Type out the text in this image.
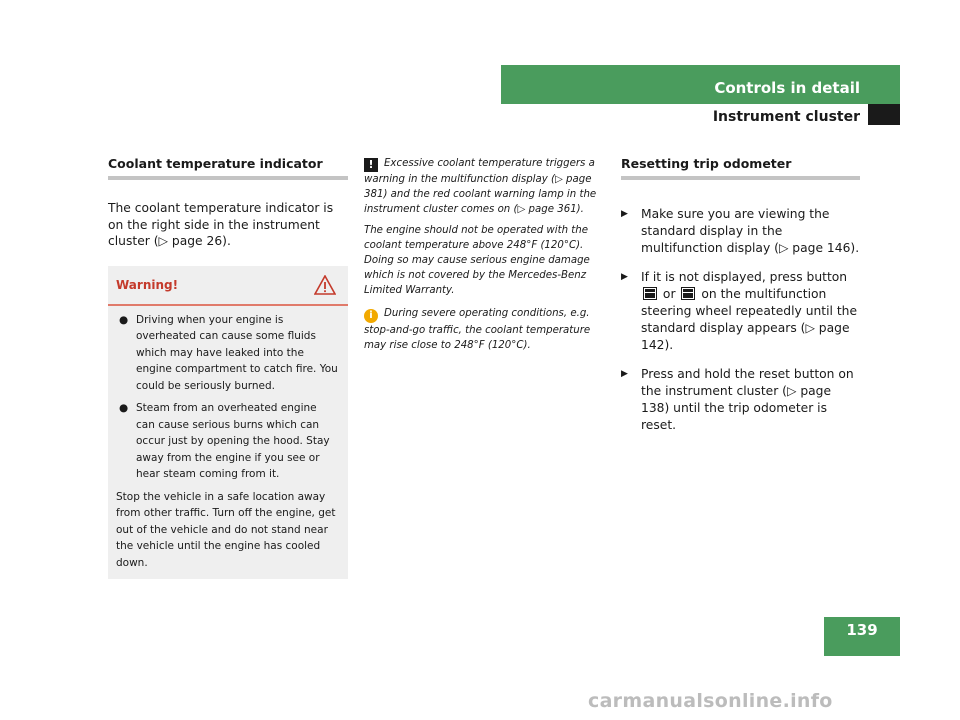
Controls in detail
Instrument cluster
Coolant temperature indicator

The coolant temperature indicator is on the right side in the instrument cluster (▷ page 26).

Warning!
● Driving when your engine is overheated can cause some fluids which may have leaked into the engine compartment to catch fire. You could be seriously burned.
● Steam from an overheated engine can cause serious burns which can occur just by opening the hood. Stay away from the engine if you see or hear steam coming from it.

Stop the vehicle in a safe location away from other traffic. Turn off the engine, get out of the vehicle and do not stand near the vehicle until the engine has cooled down.

! Excessive coolant temperature triggers a warning in the multifunction display (▷ page 381) and the red coolant warning lamp in the instrument cluster comes on (▷ page 361).

The engine should not be operated with the coolant temperature above 248°F (120°C). Doing so may cause serious engine damage which is not covered by the Mercedes-Benz Limited Warranty.

i During severe operating conditions, e.g. stop-and-go traffic, the coolant temperature may rise close to 248°F (120°C).

Resetting trip odometer
▶ Make sure you are viewing the standard display in the multifunction display (▷ page 146).
▶ If it is not displayed, press button  or on the multifunction steering wheel repeatedly until the standard display appears (▷ page 142).
▶ Press and hold the reset button on the instrument cluster (▷ page 138) until the trip odometer is reset.
139
carmanualsonline.info
